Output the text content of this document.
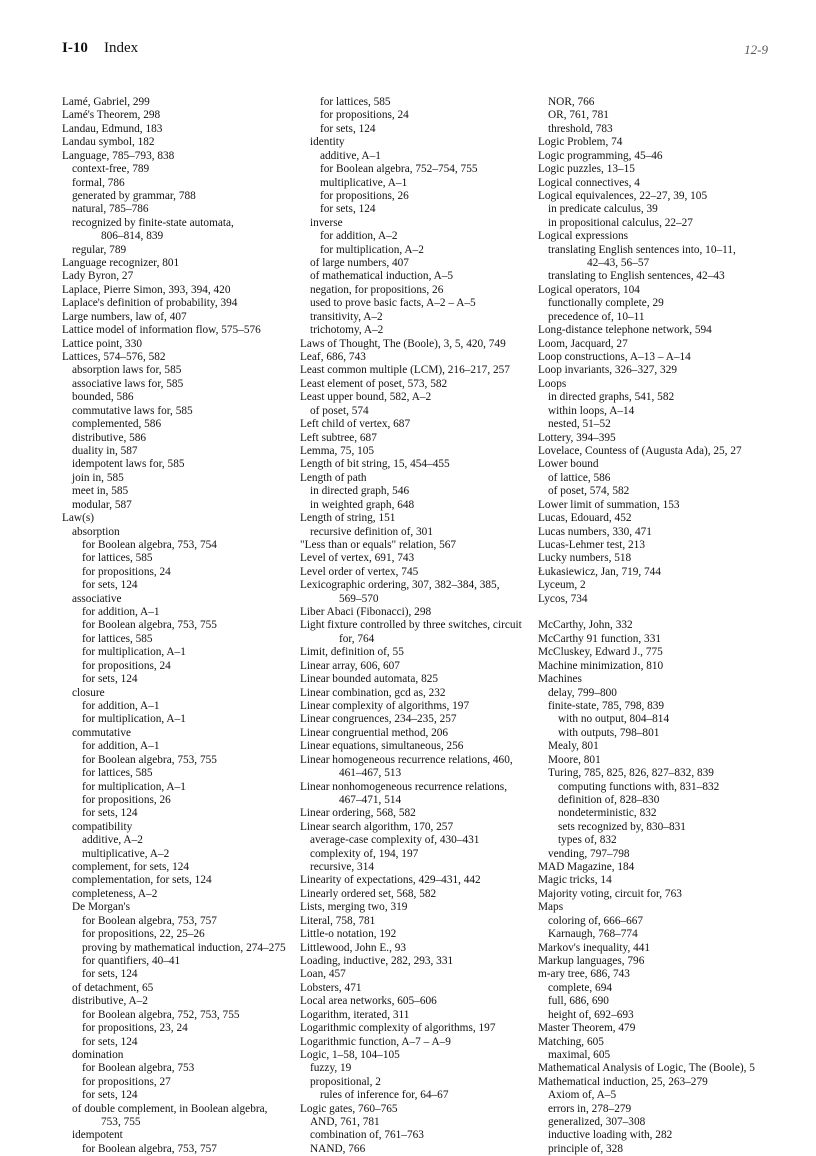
I-10 Index	12-9
Lamé, Gabriel, 299
Lamé's Theorem, 298
Landau, Edmund, 183
Landau symbol, 182
Language, 785–793, 838
context-free, 789
formal, 786
generated by grammar, 788
natural, 785–786
recognized by finite-state automata,
806–814, 839
regular, 789
Language recognizer, 801
Lady Byron, 27
Laplace, Pierre Simon, 393, 394, 420
Laplace's definition of probability, 394
Large numbers, law of, 407
Lattice model of information flow, 575–576
Lattice point, 330
Lattices, 574–576, 582
absorption laws for, 585
associative laws for, 585
bounded, 586
commutative laws for, 585
complemented, 586
distributive, 586
duality in, 587
idempotent laws for, 585
join in, 585
meet in, 585
modular, 587
Law(s)
absorption
for Boolean algebra, 753, 754
for lattices, 585
for propositions, 24
for sets, 124
associative
for addition, A–1
for Boolean algebra, 753, 755
for lattices, 585
for multiplication, A–1
for propositions, 24
for sets, 124
closure
for addition, A–1
for multiplication, A–1
commutative
for addition, A–1
for Boolean algebra, 753, 755
for lattices, 585
for multiplication, A–1
for propositions, 26
for sets, 124
compatibility
additive, A–2
multiplicative, A–2
complement, for sets, 124
complementation, for sets, 124
completeness, A–2
De Morgan's
for Boolean algebra, 753, 757
for propositions, 22, 25–26
proving by mathematical induction, 274–275
for quantifiers, 40–41
for sets, 124
of detachment, 65
distributive, A–2
for Boolean algebra, 752, 753, 755
for propositions, 23, 24
for sets, 124
domination
for Boolean algebra, 753
for propositions, 27
for sets, 124
of double complement, in Boolean algebra,
753, 755
idempotent
for Boolean algebra, 753, 757
for lattices, 585
for propositions, 24
for sets, 124
identity
additive, A–1
for Boolean algebra, 752–754, 755
multiplicative, A–1
for propositions, 26
for sets, 124
inverse
for addition, A–2
for multiplication, A–2
of large numbers, 407
of mathematical induction, A–5
negation, for propositions, 26
used to prove basic facts, A–2 – A–5
transitivity, A–2
trichotomy, A–2
Laws of Thought, The (Boole), 3, 5, 420, 749
Leaf, 686, 743
Least common multiple (LCM), 216–217, 257
Least element of poset, 573, 582
Least upper bound, 582, A–2
of poset, 574
Left child of vertex, 687
Left subtree, 687
Lemma, 75, 105
Length of bit string, 15, 454–455
Length of path
in directed graph, 546
in weighted graph, 648
Length of string, 151
recursive definition of, 301
"Less than or equals" relation, 567
Level of vertex, 691, 743
Level order of vertex, 745
Lexicographic ordering, 307, 382–384, 385,
569–570
Liber Abaci (Fibonacci), 298
Light fixture controlled by three switches, circuit
for, 764
Limit, definition of, 55
Linear array, 606, 607
Linear bounded automata, 825
Linear combination, gcd as, 232
Linear complexity of algorithms, 197
Linear congruences, 234–235, 257
Linear congruential method, 206
Linear equations, simultaneous, 256
Linear homogeneous recurrence relations, 460,
461–467, 513
Linear nonhomogeneous recurrence relations,
467–471, 514
Linear ordering, 568, 582
Linear search algorithm, 170, 257
average-case complexity of, 430–431
complexity of, 194, 197
recursive, 314
Linearity of expectations, 429–431, 442
Linearly ordered set, 568, 582
Lists, merging two, 319
Literal, 758, 781
Little-o notation, 192
Littlewood, John E., 93
Loading, inductive, 282, 293, 331
Loan, 457
Lobsters, 471
Local area networks, 605–606
Logarithm, iterated, 311
Logarithmic complexity of algorithms, 197
Logarithmic function, A–7 – A–9
Logic, 1–58, 104–105
fuzzy, 19
propositional, 2
rules of inference for, 64–67
Logic gates, 760–765
AND, 761, 781
combination of, 761–763
NAND, 766
NOR, 766
OR, 761, 781
threshold, 783
Logic Problem, 74
Logic programming, 45–46
Logic puzzles, 13–15
Logical connectives, 4
Logical equivalences, 22–27, 39, 105
in predicate calculus, 39
in propositional calculus, 22–27
Logical expressions
translating English sentences into, 10–11,
42–43, 56–57
translating to English sentences, 42–43
Logical operators, 104
functionally complete, 29
precedence of, 10–11
Long-distance telephone network, 594
Loom, Jacquard, 27
Loop constructions, A–13 – A–14
Loop invariants, 326–327, 329
Loops
in directed graphs, 541, 582
within loops, A–14
nested, 51–52
Lottery, 394–395
Lovelace, Countess of (Augusta Ada), 25, 27
Lower bound
of lattice, 586
of poset, 574, 582
Lower limit of summation, 153
Lucas, Edouard, 452
Lucas numbers, 330, 471
Lucas-Lehmer test, 213
Lucky numbers, 518
Łukasiewicz, Jan, 719, 744
Lyceum, 2
Lycos, 734
McCarthy, John, 332
McCarthy 91 function, 331
McCluskey, Edward J., 775
Machine minimization, 810
Machines
delay, 799–800
finite-state, 785, 798, 839
with no output, 804–814
with outputs, 798–801
Mealy, 801
Moore, 801
Turing, 785, 825, 826, 827–832, 839
computing functions with, 831–832
definition of, 828–830
nondeterministic, 832
sets recognized by, 830–831
types of, 832
vending, 797–798
MAD Magazine, 184
Magic tricks, 14
Majority voting, circuit for, 763
Maps
coloring of, 666–667
Karnaugh, 768–774
Markov's inequality, 441
Markup languages, 796
m-ary tree, 686, 743
complete, 694
full, 686, 690
height of, 692–693
Master Theorem, 479
Matching, 605
maximal, 605
Mathematical Analysis of Logic, The (Boole), 5
Mathematical induction, 25, 263–279
Axiom of, A–5
errors in, 278–279
generalized, 307–308
inductive loading with, 282
principle of, 328
